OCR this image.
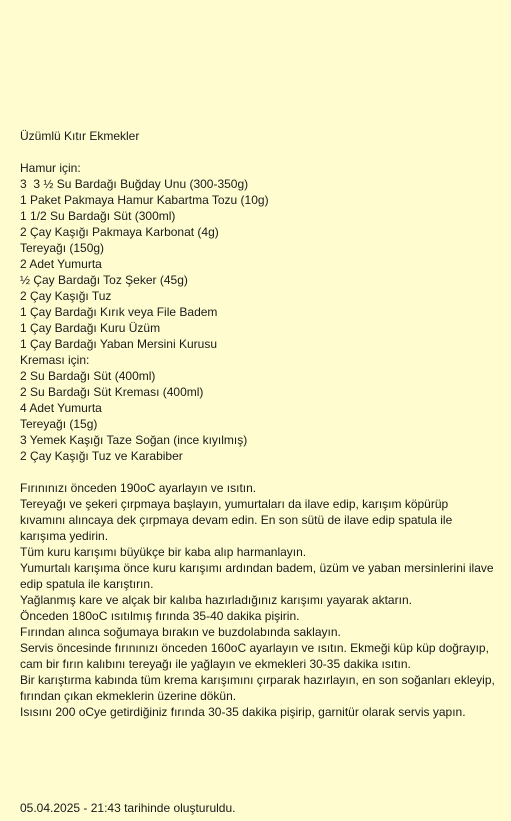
Üzümlü Kıtır Ekmekler
Hamur için:
3  3 ½ Su Bardağı Buğday Unu (300-350g)
1 Paket Pakmaya Hamur Kabartma Tozu (10g)
1 1/2 Su Bardağı Süt (300ml)
2 Çay Kaşığı Pakmaya Karbonat (4g)
Tereyağı (150g)
2 Adet Yumurta
½ Çay Bardağı Toz Şeker (45g)
2 Çay Kaşığı Tuz
1 Çay Bardağı Kırık veya File Badem
1 Çay Bardağı Kuru Üzüm
1 Çay Bardağı Yaban Mersini Kurusu
Kreması için:
2 Su Bardağı Süt (400ml)
2 Su Bardağı Süt Kreması (400ml)
4 Adet Yumurta
Tereyağı (15g)
3 Yemek Kaşığı Taze Soğan (ince kıyılmış)
2 Çay Kaşığı Tuz ve Karabiber
Fırınınızı önceden 190oC ayarlayın ve ısıtın.
Tereyağı ve şekeri çırpmaya başlayın, yumurtaları da ilave edip, karışım köpürüp kıvamını alıncaya dek çırpmaya devam edin. En son sütü de ilave edip spatula ile karışıma yedirin.
Tüm kuru karışımı büyükçe bir kaba alıp harmanlayın.
Yumurtalı karışıma önce kuru karışımı ardından badem, üzüm ve yaban mersinlerini ilave edip spatula ile karıştırın.
Yağlanmış kare ve alçak bir kalıba hazırladığınız karışımı yayarak aktarın.
Önceden 180oC ısıtılmış fırında 35-40 dakika pişirin.
Fırından alınca soğumaya bırakın ve buzdolabında saklayın.
Servis öncesinde fırınınızı önceden 160oC ayarlayın ve ısıtın. Ekmeği küp küp doğrayıp, cam bir fırın kalıbını tereyağı ile yağlayın ve ekmekleri 30-35 dakika ısıtın.
Bir karıştırma kabında tüm krema karışımını çırparak hazırlayın, en son soğanları ekleyip, fırından çıkan ekmeklerin üzerine dökün.
Isısını 200 oCye getirdiğiniz fırında 30-35 dakika pişirip, garnitür olarak servis yapın.
05.04.2025 - 21:43 tarihinde oluşturuldu.
